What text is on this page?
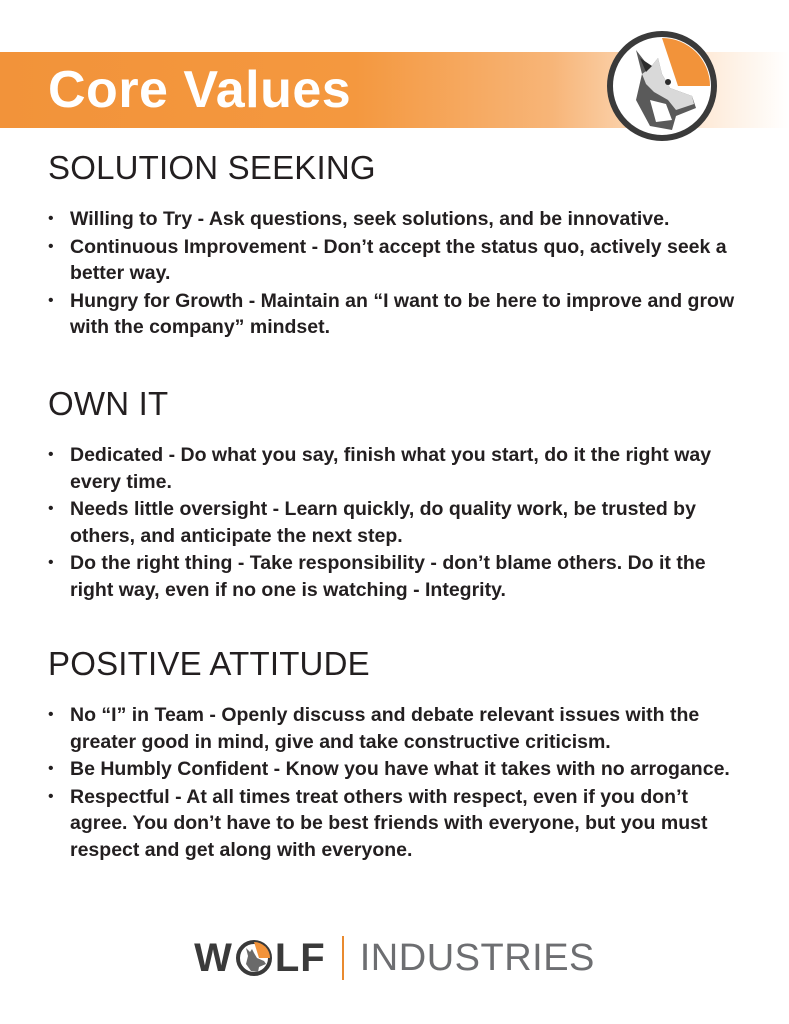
Core Values
SOLUTION SEEKING
• Willing to Try - Ask questions, seek solutions, and be innovative.
• Continuous Improvement - Don’t accept the status quo, actively seek a better way.
• Hungry for Growth - Maintain an “I want to be here to improve and grow with the company” mindset.
OWN IT
• Dedicated - Do what you say, finish what you start, do it the right way every time.
• Needs little oversight - Learn quickly, do quality work, be trusted by others, and anticipate the next step.
• Do the right thing - Take responsibility - don’t blame others. Do it the right way, even if no one is watching - Integrity.
POSITIVE ATTITUDE
• No “I” in Team - Openly discuss and debate relevant issues with the greater good in mind, give and take constructive criticism.
• Be Humbly Confident - Know you have what it takes with no arrogance.
• Respectful - At all times treat others with respect, even if you don’t agree. You don’t have to be best friends with everyone, but you must respect and get along with everyone.
W LF INDUSTRIES
